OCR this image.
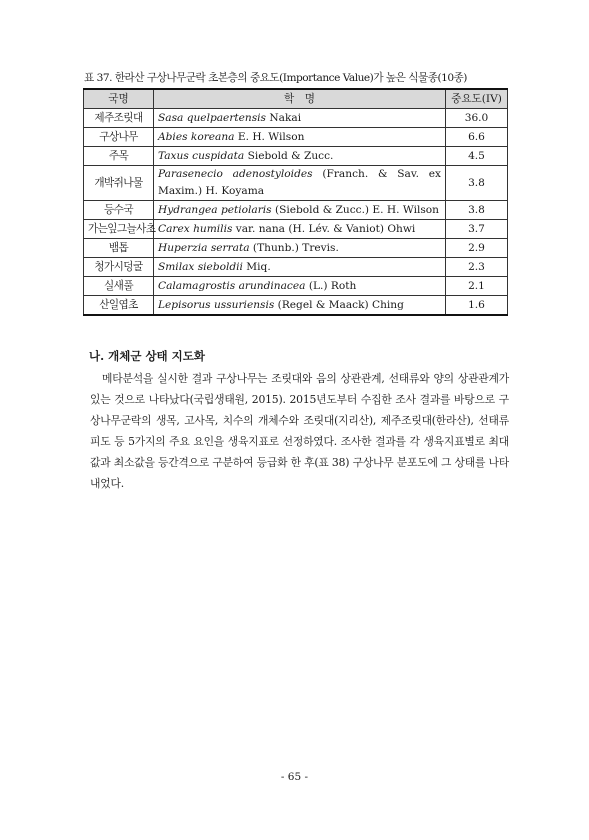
표 37. 한라산 구상나무군락 초본층의 중요도(Importance Value)가 높은 식물종(10종)
국명	학　명	중요도(IV)
제주조릿대	Sasa quelpaertensis Nakai	36.0
구상나무	Abies koreana E. H. Wilson	6.6
주목	Taxus cuspidata Siebold & Zucc.	4.5
개박쥐나물	Parasenecio adenostyloides (Franch. & Sav. ex Maxim.) H. Koyama	3.8
등수국	Hydrangea petiolaris (Siebold & Zucc.) E. H. Wilson	3.8
가는잎그늘사초	Carex humilis var. nana (H. Lév. & Vaniot) Ohwi	3.7
뱀톱	Huperzia serrata (Thunb.) Trevis.	2.9
청가시덩굴	Smilax sieboldii Miq.	2.3
실새풀	Calamagrostis arundinacea (L.) Roth	2.1
산일엽초	Lepisorus ussuriensis (Regel & Maack) Ching	1.6
나. 개체군 상태 지도화

메타분석을 실시한 결과 구상나무는 조릿대와 음의 상관관계, 선태류와 양의 상관관계가 있는 것으로 나타났다(국립생태원, 2015). 2015년도부터 수집한 조사 결과를 바탕으로 구상나무군락의 생목, 고사목, 치수의 개체수와 조릿대(지리산), 제주조릿대(한라산), 선태류 피도 등 5가지의 주요 요인을 생육지표로 선정하였다. 조사한 결과를 각 생육지표별로 최대값과 최소값을 등간격으로 구분하여 등급화 한 후(표 38) 구상나무 분포도에 그 상태를 나타내었다.

- 65 -
